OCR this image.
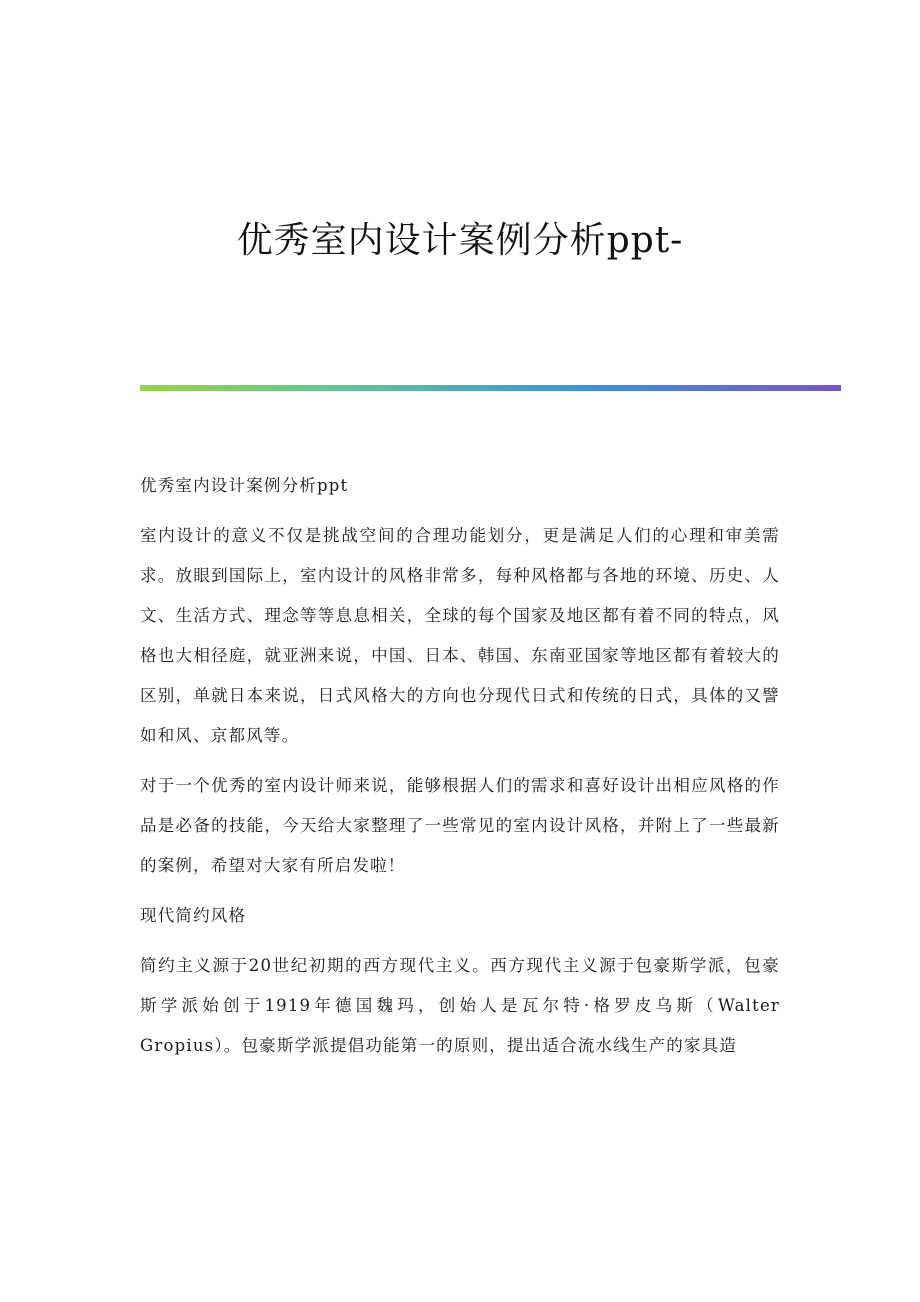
优秀室内设计案例分析ppt-

优秀室内设计案例分析ppt

室内设计的意义不仅是挑战空间的合理功能划分，更是满足人们的心理和审美需求。放眼到国际上，室内设计的风格非常多，每种风格都与各地的环境、历史、人文、生活方式、理念等等息息相关，全球的每个国家及地区都有着不同的特点，风格也大相径庭，就亚洲来说，中国、日本、韩国、东南亚国家等地区都有着较大的区别，单就日本来说，日式风格大的方向也分现代日式和传统的日式，具体的又譬如和风、京都风等。

对于一个优秀的室内设计师来说，能够根据人们的需求和喜好设计出相应风格的作品是必备的技能，今天给大家整理了一些常见的室内设计风格，并附上了一些最新的案例，希望对大家有所启发啦！

现代简约风格

简约主义源于20世纪初期的西方现代主义。西方现代主义源于包豪斯学派，包豪斯学派始创于1919年德国魏玛，创始人是瓦尔特·格罗皮乌斯（Walter Gropius）。包豪斯学派提倡功能第一的原则，提出适合流水线生产的家具造
